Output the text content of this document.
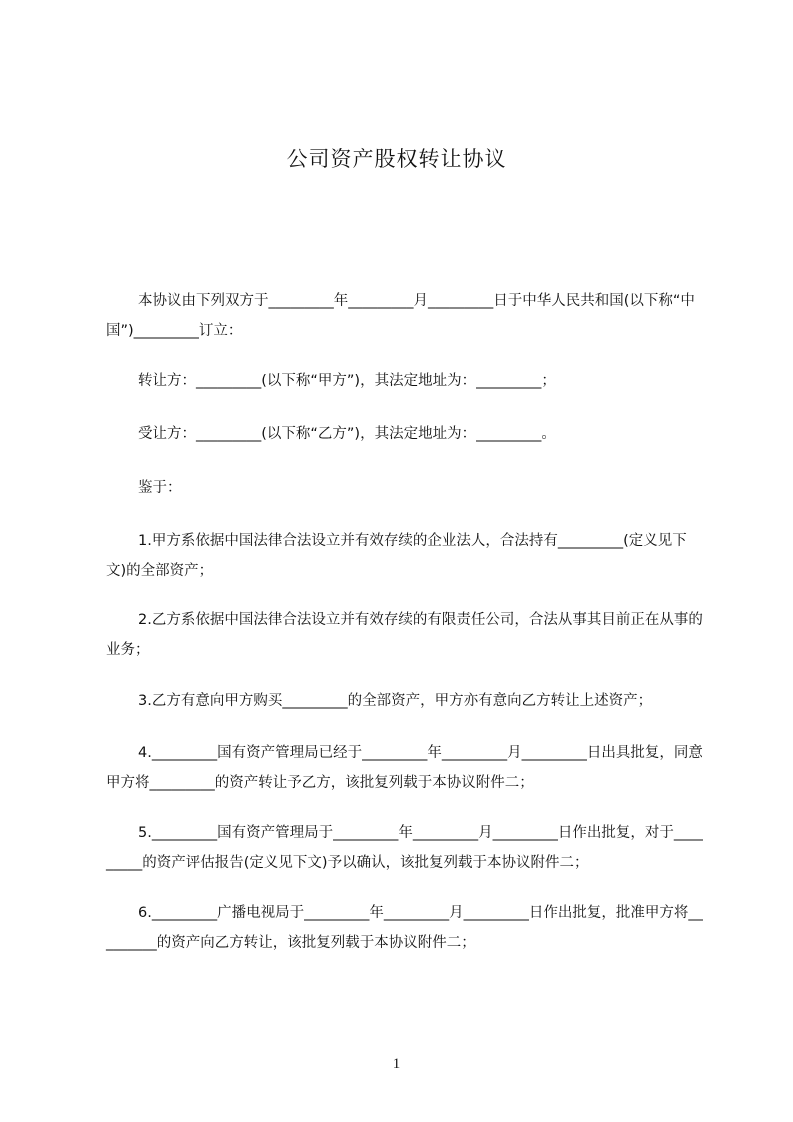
公司资产股权转让协议
本协议由下列双方于_________年_________月_________日于中华人民共和国(以下称“中国”)_________订立：
转让方：_________(以下称“甲方”)，其法定地址为：_________；
受让方：_________(以下称“乙方”)，其法定地址为：_________。
鉴于：
1.甲方系依据中国法律合法设立并有效存续的企业法人，合法持有_________(定义见下文)的全部资产；
2.乙方系依据中国法律合法设立并有效存续的有限责任公司，合法从事其目前正在从事的业务；
3.乙方有意向甲方购买_________的全部资产，甲方亦有意向乙方转让上述资产；
4._________国有资产管理局已经于_________年_________月_________日出具批复，同意甲方将_________的资产转让予乙方，该批复列载于本协议附件二；
5._________国有资产管理局于_________年_________月_________日作出批复，对于_________的资产评估报告(定义见下文)予以确认，该批复列载于本协议附件二；
6._________广播电视局于_________年_________月_________日作出批复，批准甲方将_________的资产向乙方转让，该批复列载于本协议附件二；
1
